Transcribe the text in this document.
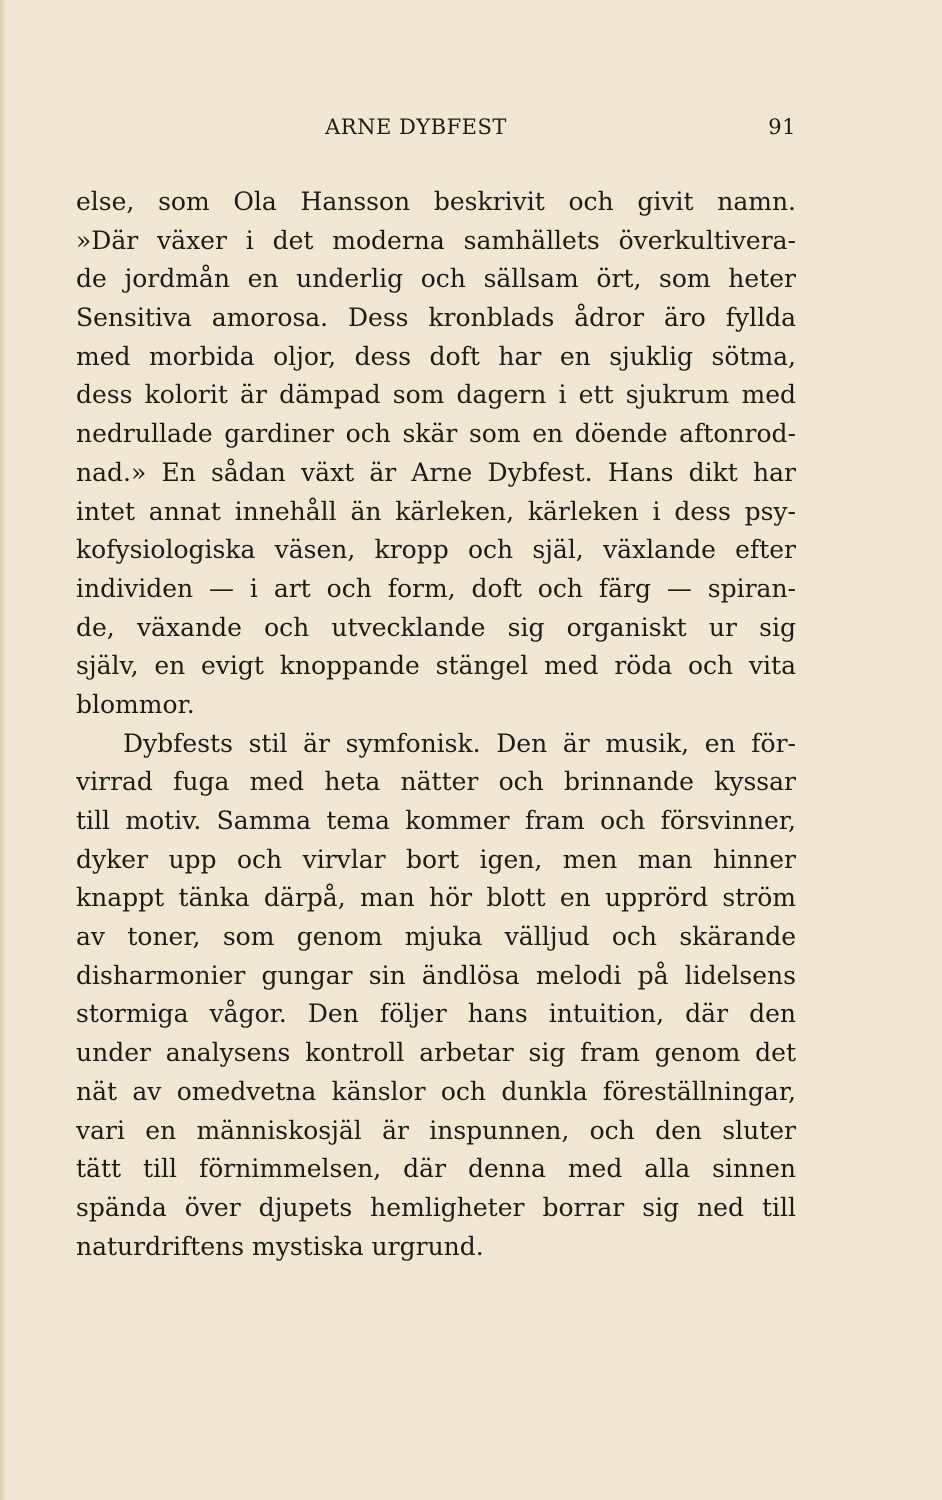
ARNE DYBFEST	91
else, som Ola Hansson beskrivit och givit namn.
»Där växer i det moderna samhällets överkultivera-
de jordmån en underlig och sällsam ört, som heter
Sensitiva amorosa. Dess kronblads ådror äro fyllda
med morbida oljor, dess doft har en sjuklig sötma,
dess kolorit är dämpad som dagern i ett sjukrum med
nedrullade gardiner och skär som en döende aftonrod-
nad.» En sådan växt är Arne Dybfest. Hans dikt har
intet annat innehåll än kärleken, kärleken i dess psy-
kofysiologiska väsen, kropp och själ, växlande efter
individen — i art och form, doft och färg — spiran-
de, växande och utvecklande sig organiskt ur sig
själv, en evigt knoppande stängel med röda och vita
blommor.
Dybfests stil är symfonisk. Den är musik, en för-
virrad fuga med heta nätter och brinnande kyssar
till motiv. Samma tema kommer fram och försvinner,
dyker upp och virvlar bort igen, men man hinner
knappt tänka därpå, man hör blott en upprörd ström
av toner, som genom mjuka välljud och skärande
disharmonier gungar sin ändlösa melodi på lidelsens
stormiga vågor. Den följer hans intuition, där den
under analysens kontroll arbetar sig fram genom det
nät av omedvetna känslor och dunkla föreställningar,
vari en människosjäl är inspunnen, och den sluter
tätt till förnimmelsen, där denna med alla sinnen
spända över djupets hemligheter borrar sig ned till
naturdriftens mystiska urgrund.
